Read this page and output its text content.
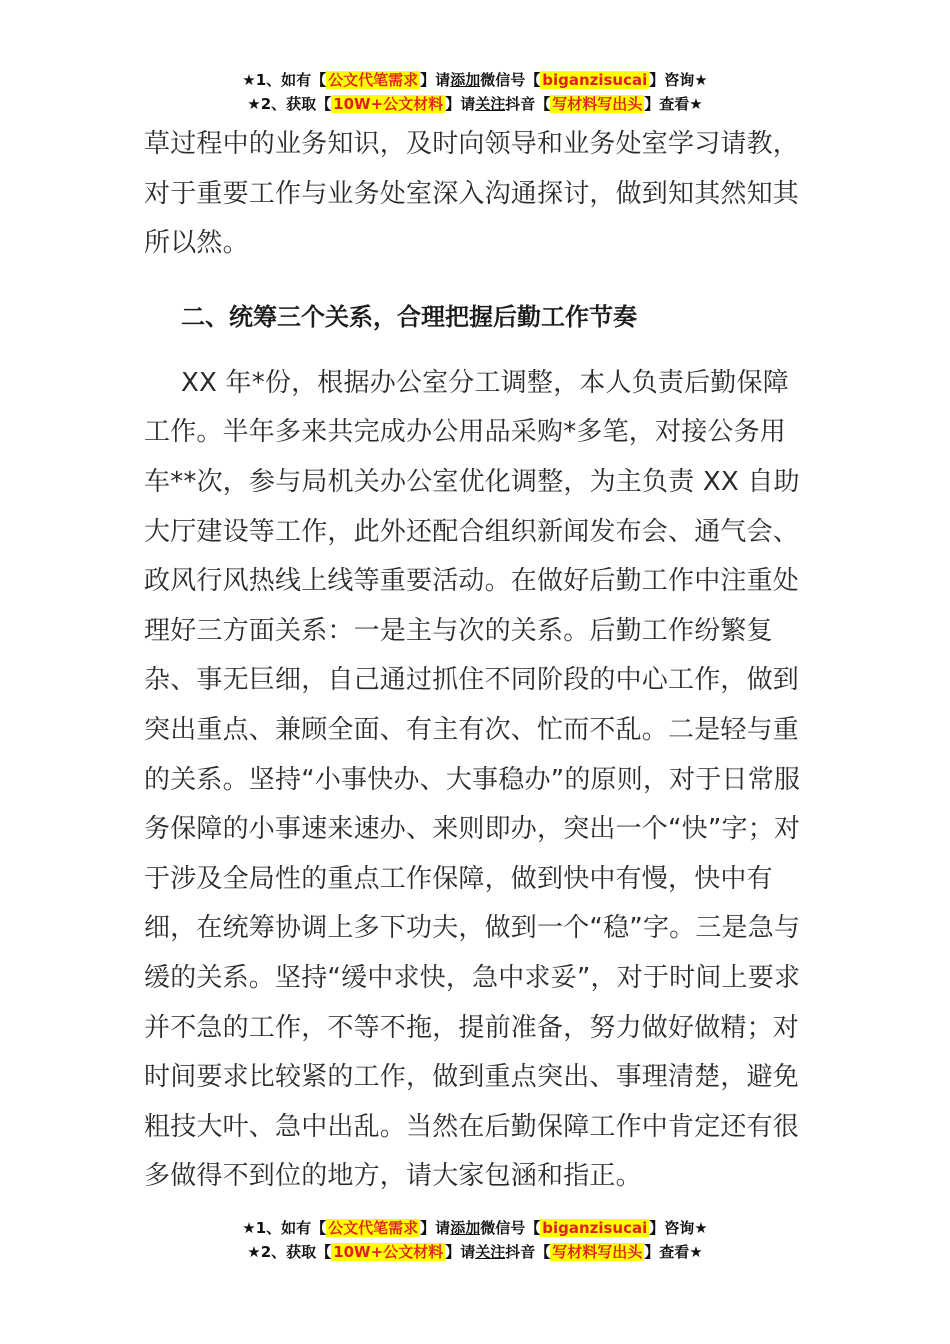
★1、如有【 公文代笔需求 】请添加微信号【 biganzisucai 】咨询★
★2、获取【 10W+公文材料 】请关注抖音【 写材料写出头 】查看★

草过程中的业务知识，及时向领导和业务处室学习请教，对于重要工作与业务处室深入沟通探讨，做到知其然知其所以然。

二、统筹三个关系，合理把握后勤工作节奏

XX 年*份，根据办公室分工调整，本人负责后勤保障工作。半年多来共完成办公用品采购*多笔，对接公务用车**次，参与局机关办公室优化调整，为主负责 XX 自助大厅建设等工作，此外还配合组织新闻发布会、通气会、政风行风热线上线等重要活动。在做好后勤工作中注重处理好三方面关系：一是主与次的关系。后勤工作纷繁复杂、事无巨细，自己通过抓住不同阶段的中心工作，做到突出重点、兼顾全面、有主有次、忙而不乱。二是轻与重的关系。坚持“小事快办、大事稳办”的原则，对于日常服务保障的小事速来速办、来则即办，突出一个“快”字；对于涉及全局性的重点工作保障，做到快中有慢，快中有细，在统筹协调上多下功夫，做到一个“稳”字。三是急与缓的关系。坚持“缓中求快，急中求妥”，对于时间上要求并不急的工作，不等不拖，提前准备，努力做好做精；对时间要求比较紧的工作，做到重点突出、事理清楚，避免粗技大叶、急中出乱。当然在后勤保障工作中肯定还有很多做得不到位的地方，请大家包涵和指正。

★1、如有【 公文代笔需求 】请添加微信号【 biganzisucai 】咨询★
★2、获取【 10W+公文材料 】请关注抖音【 写材料写出头 】查看★
